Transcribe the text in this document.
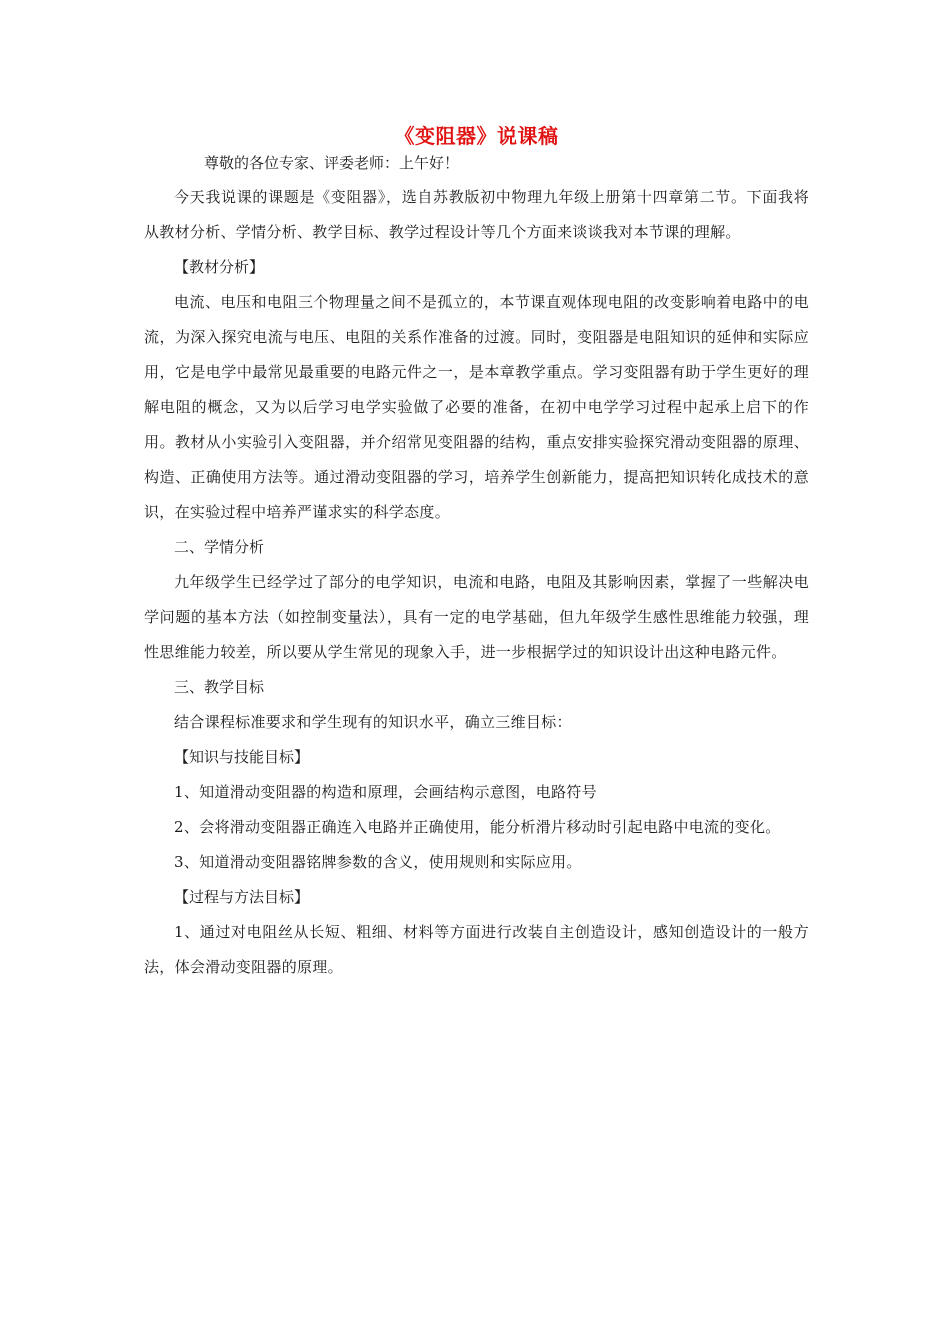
《变阻器》说课稿

尊敬的各位专家、评委老师：上午好！

今天我说课的课题是《变阻器》，选自苏教版初中物理九年级上册第十四章第二节。下面我将从教材分析、学情分析、教学目标、教学过程设计等几个方面来谈谈我对本节课的理解。

【教材分析】

电流、电压和电阻三个物理量之间不是孤立的，本节课直观体现电阻的改变影响着电路中的电流，为深入探究电流与电压、电阻的关系作准备的过渡。同时，变阻器是电阻知识的延伸和实际应用，它是电学中最常见最重要的电路元件之一，是本章教学重点。学习变阻器有助于学生更好的理解电阻的概念，又为以后学习电学实验做了必要的准备，在初中电学学习过程中起承上启下的作用。教材从小实验引入变阻器，并介绍常见变阻器的结构，重点安排实验探究滑动变阻器的原理、构造、正确使用方法等。通过滑动变阻器的学习，培养学生创新能力，提高把知识转化成技术的意识，在实验过程中培养严谨求实的科学态度。

二、学情分析

九年级学生已经学过了部分的电学知识，电流和电路，电阻及其影响因素，掌握了一些解决电学问题的基本方法（如控制变量法），具有一定的电学基础，但九年级学生感性思维能力较强，理性思维能力较差，所以要从学生常见的现象入手，进一步根据学过的知识设计出这种电路元件。

三、教学目标

结合课程标准要求和学生现有的知识水平，确立三维目标：

【知识与技能目标】

1、知道滑动变阻器的构造和原理，会画结构示意图，电路符号

2、会将滑动变阻器正确连入电路并正确使用，能分析滑片移动时引起电路中电流的变化。

3、知道滑动变阻器铭牌参数的含义，使用规则和实际应用。

【过程与方法目标】

1、通过对电阻丝从长短、粗细、材料等方面进行改装自主创造设计，感知创造设计的一般方法，体会滑动变阻器的原理。
